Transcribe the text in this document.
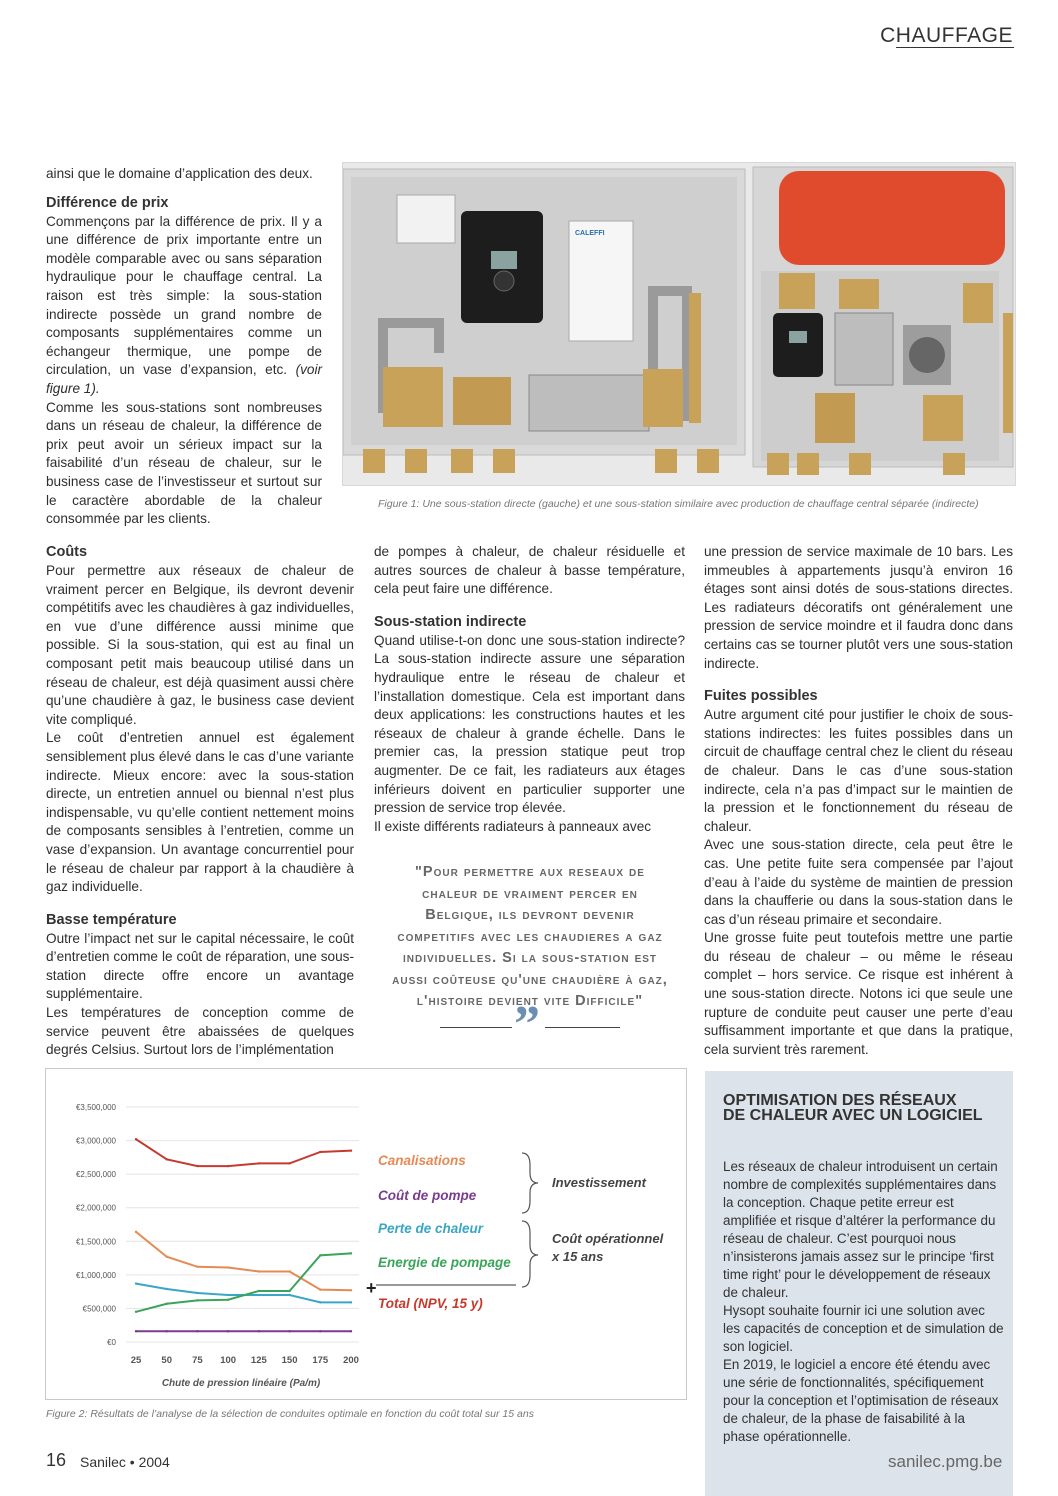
CHAUFFAGE

ainsi que le domaine d’application des deux.

Différence de prix

Commençons par la différence de prix. Il y a une différence de prix importante entre un modèle comparable avec ou sans séparation hydraulique pour le chauffage central. La raison est très simple: la sous-station indirecte possède un grand nombre de composants supplémentaires comme un échangeur thermique, une pompe de circulation, un vase d’expansion, etc. (voir figure 1).

Comme les sous-stations sont nombreuses dans un réseau de chaleur, la différence de prix peut avoir un sérieux impact sur la faisabilité d’un réseau de chaleur, sur le business case de l’investisseur et surtout sur le caractère abordable de la chaleur consommée par les clients.

Coûts

Pour permettre aux réseaux de chaleur de vraiment percer en Belgique, ils devront devenir compétitifs avec les chaudières à gaz individuelles, en vue d’une différence aussi minime que possible. Si la sous-station, qui est au final un composant petit mais beaucoup utilisé dans un réseau de chaleur, est déjà quasiment aussi chère qu’une chaudière à gaz, le business case devient vite compliqué.

Le coût d’entretien annuel est également sensiblement plus élevé dans le cas d’une variante indirecte. Mieux encore: avec la sous-station directe, un entretien annuel ou biennal n’est plus indispensable, vu qu’elle contient nettement moins de composants sensibles à l’entretien, comme un vase d’expansion. Un avantage concurrentiel pour le réseau de chaleur par rapport à la chaudière à gaz individuelle.

Basse température

Outre l’impact net sur le capital nécessaire, le coût d’entretien comme le coût de réparation, une sous-station directe offre encore un avantage supplémentaire.

Les températures de conception comme de service peuvent être abaissées de quelques degrés Celsius. Surtout lors de l’implémentation

CALEFFI
Figure 1: Une sous-station directe (gauche) et une sous-station similaire avec production de chauffage central séparée (indirecte)

de pompes à chaleur, de chaleur résiduelle et autres sources de chaleur à basse température, cela peut faire une différence.

Sous-station indirecte

Quand utilise-t-on donc une sous-station indirecte? La sous-station indirecte assure une séparation hydraulique entre le réseau de chaleur et l’installation domestique. Cela est important dans deux applications: les constructions hautes et les réseaux de chaleur à grande échelle. Dans le premier cas, la pression statique peut trop augmenter. De ce fait, les radiateurs aux étages inférieurs doivent en particulier supporter une pression de service trop élevée.

Il existe différents radiateurs à panneaux avec

"Pour permettre aux reseaux de chaleur de vraiment percer en Belgique, ils devront devenir competitifs avec les chaudieres a gaz individuelles. Si la sous-station est aussi coûteuse qu'une chaudière à gaz, l'histoire devient vite Difficile"
”

une pression de service maximale de 10 bars. Les immeubles à appartements jusqu’à environ 16 étages sont ainsi dotés de sous-stations directes. Les radiateurs décoratifs ont généralement une pression de service moindre et il faudra donc dans certains cas se tourner plutôt vers une sous-station indirecte.

Fuites possibles

Autre argument cité pour justifier le choix de sous-stations indirectes: les fuites possibles dans un circuit de chauffage central chez le client du réseau de chaleur. Dans le cas d’une sous-station indirecte, cela n’a pas d’impact sur le maintien de la pression et le fonctionnement du réseau de chaleur.

Avec une sous-station directe, cela peut être le cas. Une petite fuite sera compensée par l’ajout d’eau à l’aide du système de maintien de pression dans la chaufferie ou dans la sous-station dans le cas d’un réseau primaire et secondaire.

Une grosse fuite peut toutefois mettre une partie du réseau de chaleur – ou même le réseau complet – hors service. Ce risque est inhérent à une sous-station directe. Notons ici que seule une rupture de conduite peut causer une perte d’eau suffisamment importante et que dans la pratique, cela survient très rarement.

€3,500,000
€3,000,000
€2,500,000
€2,000,000
€1,500,000
€1,000,000
€500,000
€0
25 50 75 100 125 150 175 200
Chute de pression linéaire (Pa/m)
Canalisations
Coût de pompe
Perte de chaleur
Energie de pompage
+
Total (NPV, 15 y)
Investissement
Coût opérationnel
x 15 ans
Figure 2: Résultats de l’analyse de la sélection de conduites optimale en fonction du coût total sur 15 ans
OPTIMISATION DES RÉSEAUX DE CHALEUR AVEC UN LOGICIEL
Les réseaux de chaleur introduisent un certain nombre de complexités supplémentaires dans la conception. Chaque petite erreur est amplifiée et risque d’altérer la performance du réseau de chaleur. C’est pourquoi nous n’insisterons jamais assez sur le principe ‘first time right’ pour le développement de réseaux de chaleur.
Hysopt souhaite fournir ici une solution avec les capacités de conception et de simulation de son logiciel.
En 2019, le logiciel a encore été étendu avec une série de fonctionnalités, spécifiquement pour la conception et l’optimisation de réseaux de chaleur, de la phase de faisabilité à la phase opérationnelle.
16 Sanilec • 2004	sanilec.pmg.be
